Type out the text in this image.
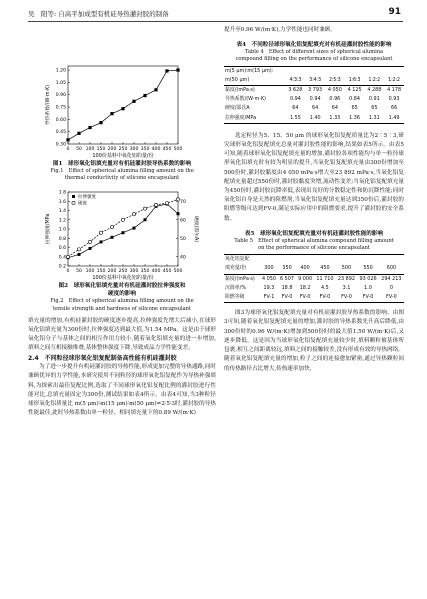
吴　阳等: 自高平加成型有机硅导热灌封胶的制备	91
0.30
0.45
0.60
0.75
0.90
1.05
1.20
0 50 100 150 200 250 300 350 400 450 500
100份基料中氧化铝的量/份
导热系数/(W·m·K)

图1　球形氧化铝填充量对有机硅灌封胶导热系数的影响

Fig.1　Effect of spherical alumina filling amount on the

thermal conductivity of silicone encapsulant

0.2
0.4
0.6
0.8
1.0
1.2
1.4
1.6
1.8
40
50
60
70
0 50 100 150 200 250 300 350 400 450 500
100份基料中氧化铝的量/份
拉伸强度/MPa	硬度(邵尔A)
拉伸强度
硬度

图2　球形氧化铝填充量对有机硅灌封胶拉伸强度和

硬度的影响

Fig.2　Effect of spherical alumina filling amount on the

tensile strength and hardness of silicone encapsulant

填充量的增加,有机硅灌封胶的硬度逐步提高,拉伸强度先增大后减小,在球形氧化铝填充量为300份时,拉伸强度达到最大值,为1.54 MPa。这是由于球形氧化铝分子与基体之间的相互作用力较小,随着氧化铝填充量的进一步增加,填料之间互相接触堆叠,基体整体强度下降,导致成品力学性能变差。

2.4　不同粒径球形氧化铝复配制备高性能有机硅灌封胶

为了进一步提升有机硅灌封胶的导热性能,形成更加完整的导热通路,同时兼顾优异的力学性能,本研究使用不同粒径的球形氧化铝复配作为导热补强填料,为探索出最佳复配比例,选取了不同球形氧化铝复配比例的灌封胶进行性能对比,总填充量固定为300份,测试结果如表4所示。由表4可知,当3种粒径球形氧化铝质量比 m(5 μm)∶m(15 μm)∶m(50 μm)=2∶5∶3时,灌封胶的导热性能最佳,此时导热系数由单一粒径、相同填充量下的0.89 W/(m·K)

提升至0.96 W/(m·K),力学性能也同时兼顾。

表4　不同粒径球形氧化铝复配填充对有机硅灌封胶性能的影响

Table 4　Effect of different sizes of spherical alumina

compound filling on the performance of silicone encapsulant

m(5 μm)∶m(15 μm)∶						
m(50 μm)	4∶3∶3	3∶4∶3	2∶5∶3	1∶6∶3	1∶2∶2	1∶2∶2
黏度/(mPa·s)	3 628	3 793	4 050	4 125	4 288	4 178
导热系数/(W·m·K)	0.94	0.94	0.96	0.84	0.91	0.93
硬度/邵氏A	64	64	64	65	65	66
拉伸强度/MPa	1.55	1.40	1.33	1.36	1.31	1.49

选定粒径为5、15、50 μm 的球形氧化铝复配质量比为2∶5∶3,研究球形氧化铝复配填充总量对灌封胶性能的影响,结果如表5所示。由表5可知,随着球形氧化铝复配填充量的增加,灌封胶各项性能均与单一粒径球形氧化铝填充时有较为明显的提升,当氧化铝复配填充量由300份增加至500份时,灌封胶黏度由4 050 mPa·s增大至23 892 mPa·s,当氧化铝复配填充量超过550份时,灌封胶黏度突增,流动性变差;当氧化铝复配填充量为450份时,灌封胶沉降率低,表现出良好的分散稳定性和防沉降性能;同时氧化铝自身是天然的阻燃剂,当氧化铝复配填充量达到350份后,灌封胶的阻燃等级可达到FV-0,满足实际应用中的阻燃要求,提升了灌封胶的安全系数。

表5　球形氧化铝复配填充量对有机硅灌封胶性能的影响

Table 5　Effect of spherical alumina compound filling amount

on the performance of silicone encapsulant

氧化铝复配							
填充量/份	300	350	400	450	500	550	600
黏度/(mPa·s)	4 050	6 507	9 000	11 710	23 892	93 026	294 213
沉降率/%	19.3	18.8	18.2	4.5	3.1	1.0	0
阻燃等级	FV-1	FV-0	FV-0	FV-0	FV-0	FV-0	FV-0

图3为球形氧化铝复配填充量对有机硅灌封胶导热系数的影响。由图3可知,随着氧化铝复配填充量的增加,灌封胶的导热系数先升高后降低,由300份时的0.96 W/(m·K)增加到500份时的最大值1.50 W/(m·K)后,又逐步降低。这是因为当球形氧化铝复配填充量较少时,填料颗粒被基体所包裹,相互之间距离较远,填料之间的接触较差,没有形成有效的导热网络。随着氧化铝复配填充量的增加,粒子之间的连接愈加紧密,通过导热颗粒间的传热路径占比增大,传热速率加快,
